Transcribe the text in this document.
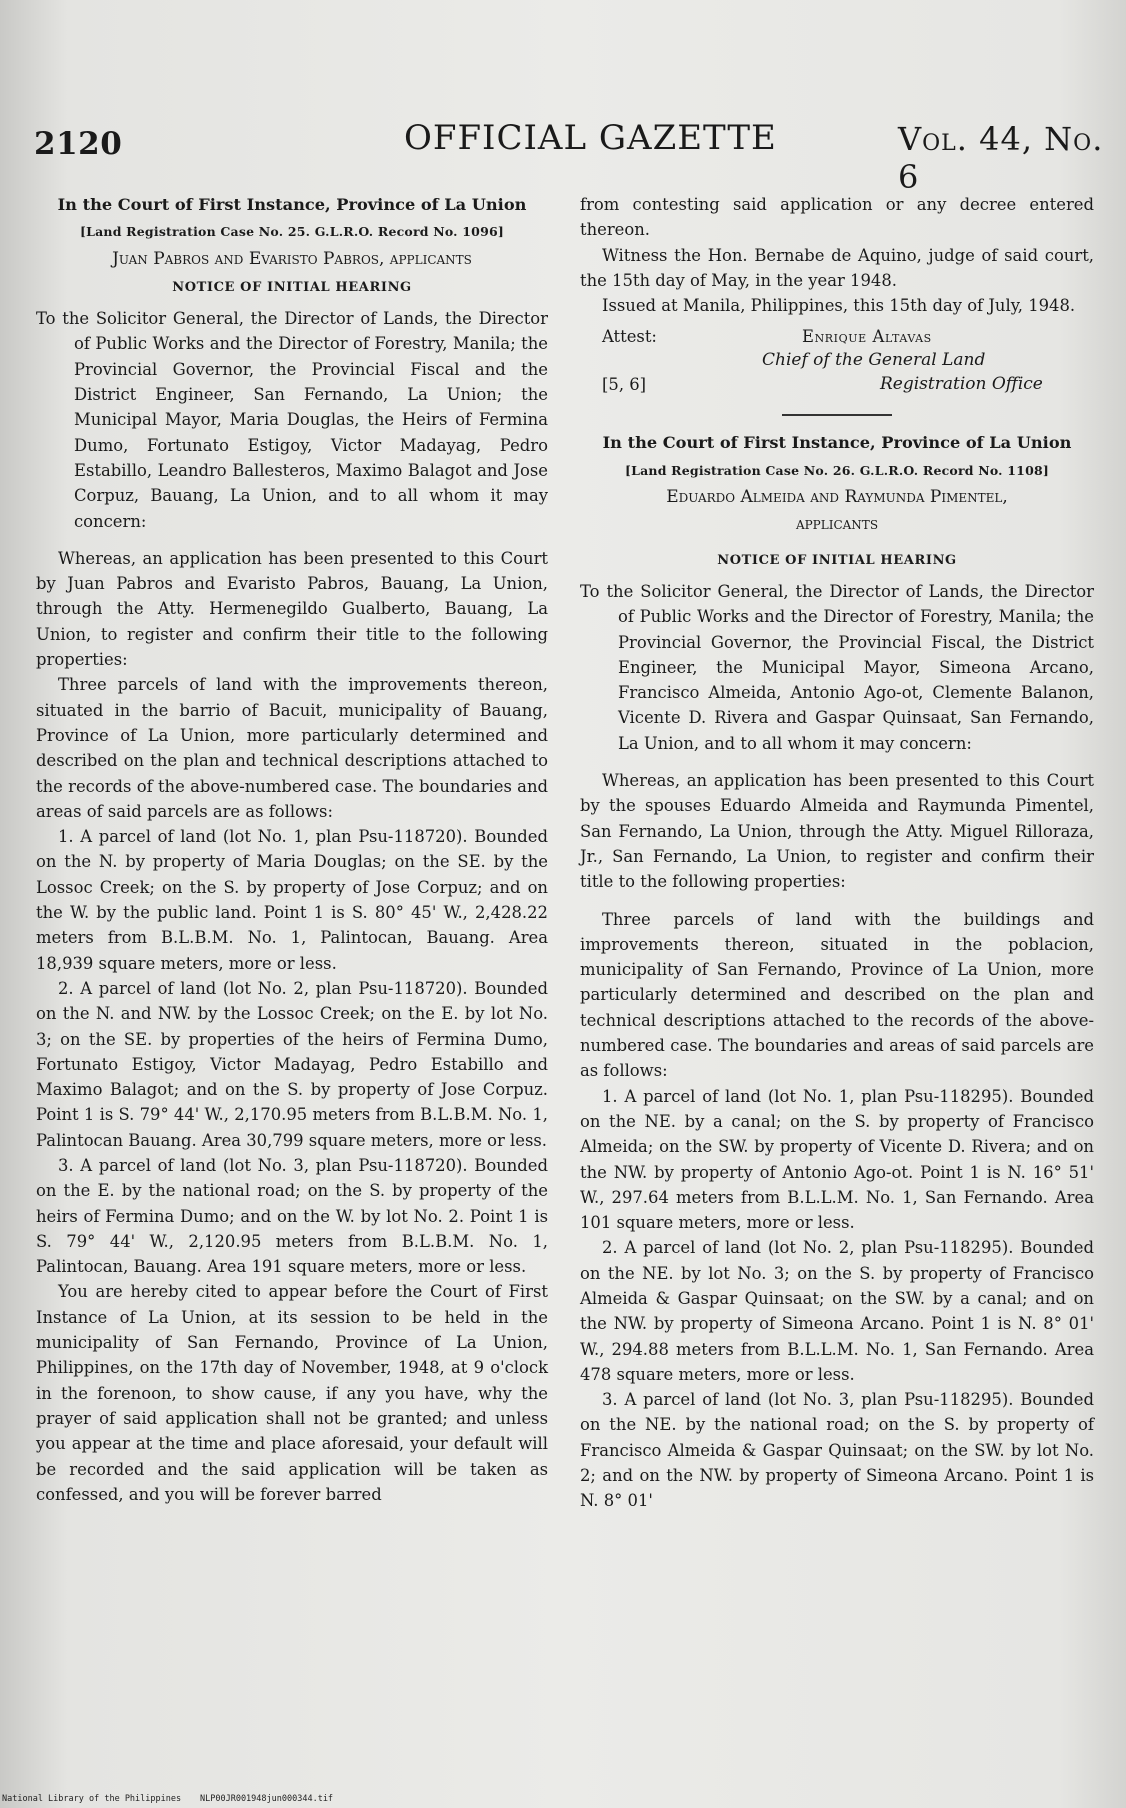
2120	OFFICIAL GAZETTE	Vol. 44, No. 6
In the Court of First Instance, Province of La Union
[Land Registration Case No. 25. G.L.R.O. Record No. 1096]
Juan Pabros and Evaristo Pabros, applicants
NOTICE OF INITIAL HEARING
To the Solicitor General, the Director of Lands, the Director of Public Works and the Director of Forestry, Manila; the Provincial Governor, the Provincial Fiscal and the District Engineer, San Fernando, La Union; the Municipal Mayor, Maria Douglas, the Heirs of Fermina Dumo, Fortunato Estigoy, Victor Madayag, Pedro Estabillo, Leandro Ballesteros, Maximo Balagot and Jose Corpuz, Bauang, La Union, and to all whom it may concern:

Whereas, an application has been presented to this Court by Juan Pabros and Evaristo Pabros, Bauang, La Union, through the Atty. Hermenegildo Gualberto, Bauang, La Union, to register and confirm their title to the following properties:

Three parcels of land with the improvements thereon, situated in the barrio of Bacuit, municipality of Bauang, Province of La Union, more particularly determined and described on the plan and technical descriptions attached to the records of the above-numbered case. The boundaries and areas of said parcels are as follows:

1. A parcel of land (lot No. 1, plan Psu-118720). Bounded on the N. by property of Maria Douglas; on the SE. by the Lossoc Creek; on the S. by property of Jose Corpuz; and on the W. by the public land. Point 1 is S. 80° 45' W., 2,428.22 meters from B.L.B.M. No. 1, Palintocan, Bauang. Area 18,939 square meters, more or less.

2. A parcel of land (lot No. 2, plan Psu-118720). Bounded on the N. and NW. by the Lossoc Creek; on the E. by lot No. 3; on the SE. by properties of the heirs of Fermina Dumo, Fortunato Estigoy, Victor Madayag, Pedro Estabillo and Maximo Balagot; and on the S. by property of Jose Corpuz. Point 1 is S. 79° 44' W., 2,170.95 meters from B.L.B.M. No. 1, Palintocan Bauang. Area 30,799 square meters, more or less.

3. A parcel of land (lot No. 3, plan Psu-118720). Bounded on the E. by the national road; on the S. by property of the heirs of Fermina Dumo; and on the W. by lot No. 2. Point 1 is S. 79° 44' W., 2,120.95 meters from B.L.B.M. No. 1, Palintocan, Bauang. Area 191 square meters, more or less.

You are hereby cited to appear before the Court of First Instance of La Union, at its session to be held in the municipality of San Fernando, Province of La Union, Philippines, on the 17th day of November, 1948, at 9 o'clock in the forenoon, to show cause, if any you have, why the prayer of said application shall not be granted; and unless you appear at the time and place aforesaid, your default will be recorded and the said application will be taken as confessed, and you will be forever barred

from contesting said application or any decree entered thereon.

Witness the Hon. Bernabe de Aquino, judge of said court, the 15th day of May, in the year 1948.

Issued at Manila, Philippines, this 15th day of July, 1948.

Attest:	Enrique Altavas
Chief of the General Land
[5, 6]	Registration Office
In the Court of First Instance, Province of La Union
[Land Registration Case No. 26. G.L.R.O. Record No. 1108]
Eduardo Almeida and Raymunda Pimentel,
applicants
NOTICE OF INITIAL HEARING
To the Solicitor General, the Director of Lands, the Director of Public Works and the Director of Forestry, Manila; the Provincial Governor, the Provincial Fiscal, the District Engineer, the Municipal Mayor, Simeona Arcano, Francisco Almeida, Antonio Ago-ot, Clemente Balanon, Vicente D. Rivera and Gaspar Quinsaat, San Fernando, La Union, and to all whom it may concern:

Whereas, an application has been presented to this Court by the spouses Eduardo Almeida and Raymunda Pimentel, San Fernando, La Union, through the Atty. Miguel Rilloraza, Jr., San Fernando, La Union, to register and confirm their title to the following properties:

Three parcels of land with the buildings and improvements thereon, situated in the poblacion, municipality of San Fernando, Province of La Union, more particularly determined and described on the plan and technical descriptions attached to the records of the above-numbered case. The boundaries and areas of said parcels are as follows:

1. A parcel of land (lot No. 1, plan Psu-118295). Bounded on the NE. by a canal; on the S. by property of Francisco Almeida; on the SW. by property of Vicente D. Rivera; and on the NW. by property of Antonio Ago-ot. Point 1 is N. 16° 51' W., 297.64 meters from B.L.L.M. No. 1, San Fernando. Area 101 square meters, more or less.

2. A parcel of land (lot No. 2, plan Psu-118295). Bounded on the NE. by lot No. 3; on the S. by property of Francisco Almeida & Gaspar Quinsaat; on the SW. by a canal; and on the NW. by property of Simeona Arcano. Point 1 is N. 8° 01' W., 294.88 meters from B.L.L.M. No. 1, San Fernando. Area 478 square meters, more or less.

3. A parcel of land (lot No. 3, plan Psu-118295). Bounded on the NE. by the national road; on the S. by property of Francisco Almeida & Gaspar Quinsaat; on the SW. by lot No. 2; and on the NW. by property of Simeona Arcano. Point 1 is N. 8° 01'

National Library of the Philippines NLP00JR001948jun000344.tif
